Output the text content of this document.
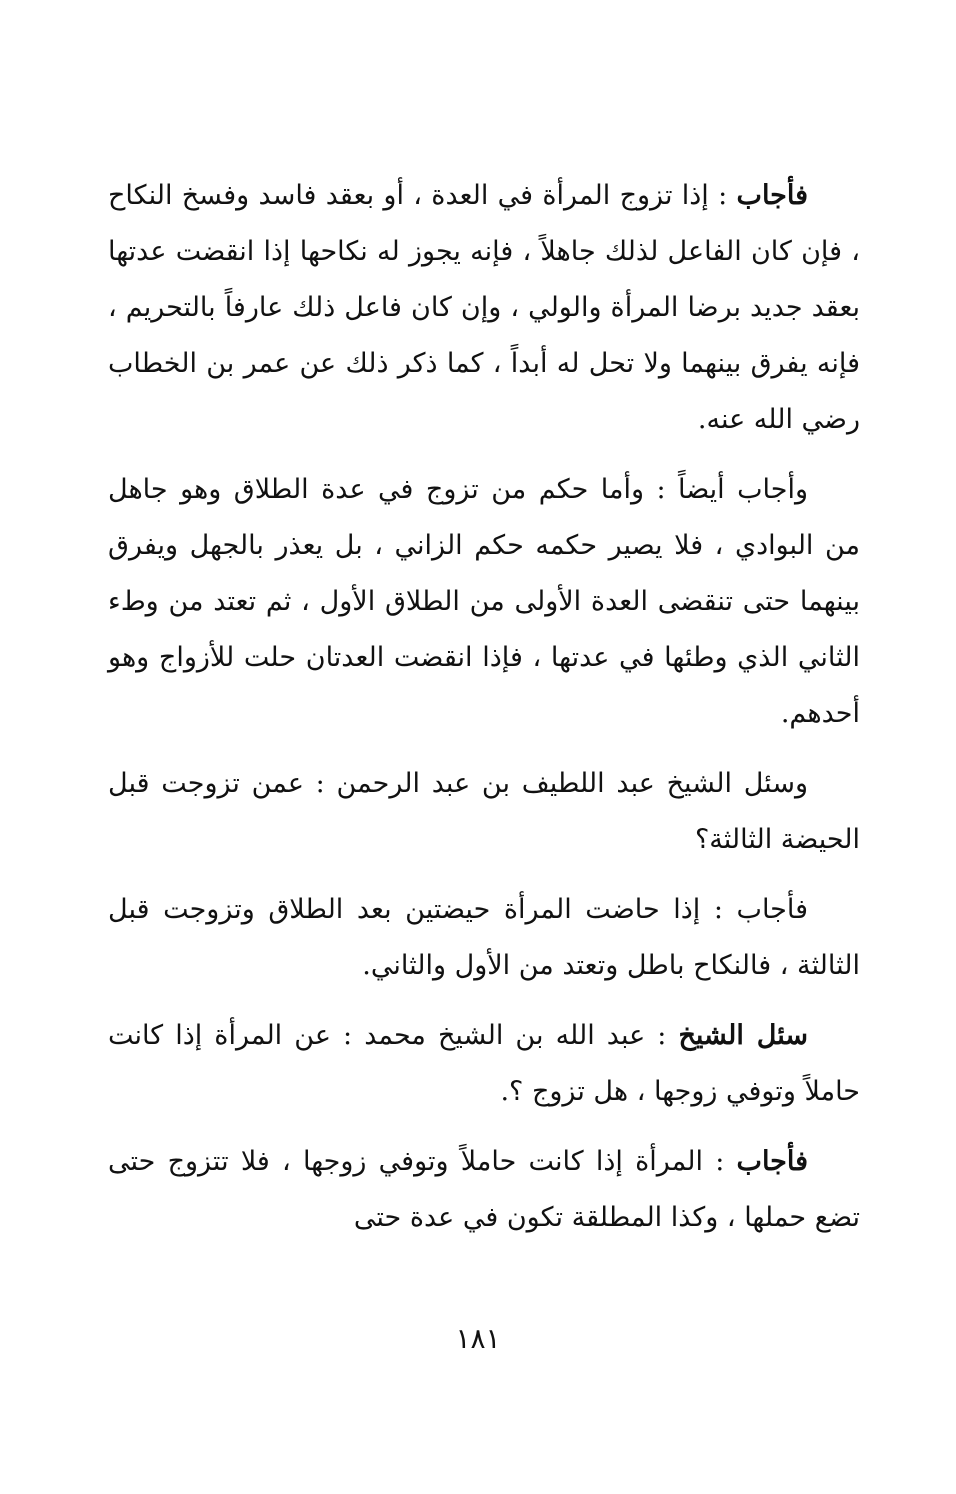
فأجاب : إذا تزوج المرأة في العدة ، أو بعقد فاسد وفسخ النكاح ، فإن كان الفاعل لذلك جاهلاً ، فإنه يجوز له نكاحها إذا انقضت عدتها بعقد جديد برضا المرأة والولي ، وإن كان فاعل ذلك عارفاً بالتحريم ، فإنه يفرق بينهما ولا تحل له أبداً ، كما ذكر ذلك عن عمر بن الخطاب رضي الله عنه.

وأجاب أيضاً : وأما حكم من تزوج في عدة الطلاق وهو جاهل من البوادي ، فلا يصير حكمه حكم الزاني ، بل يعذر بالجهل ويفرق بينهما حتى تنقضى العدة الأولى من الطلاق الأول ، ثم تعتد من وطء الثاني الذي وطئها في عدتها ، فإذا انقضت العدتان حلت للأزواج وهو أحدهم.

وسئل الشيخ عبد اللطيف بن عبد الرحمن : عمن تزوجت قبل الحيضة الثالثة؟

فأجاب : إذا حاضت المرأة حيضتين بعد الطلاق وتزوجت قبل الثالثة ، فالنكاح باطل وتعتد من الأول والثاني.

سئل الشيخ : عبد الله بن الشيخ محمد : عن المرأة إذا كانت حاملاً وتوفي زوجها ، هل تزوج ؟.

فأجاب : المرأة إذا كانت حاملاً وتوفي زوجها ، فلا تتزوج حتى تضع حملها ، وكذا المطلقة تكون في عدة حتى

١٨١
